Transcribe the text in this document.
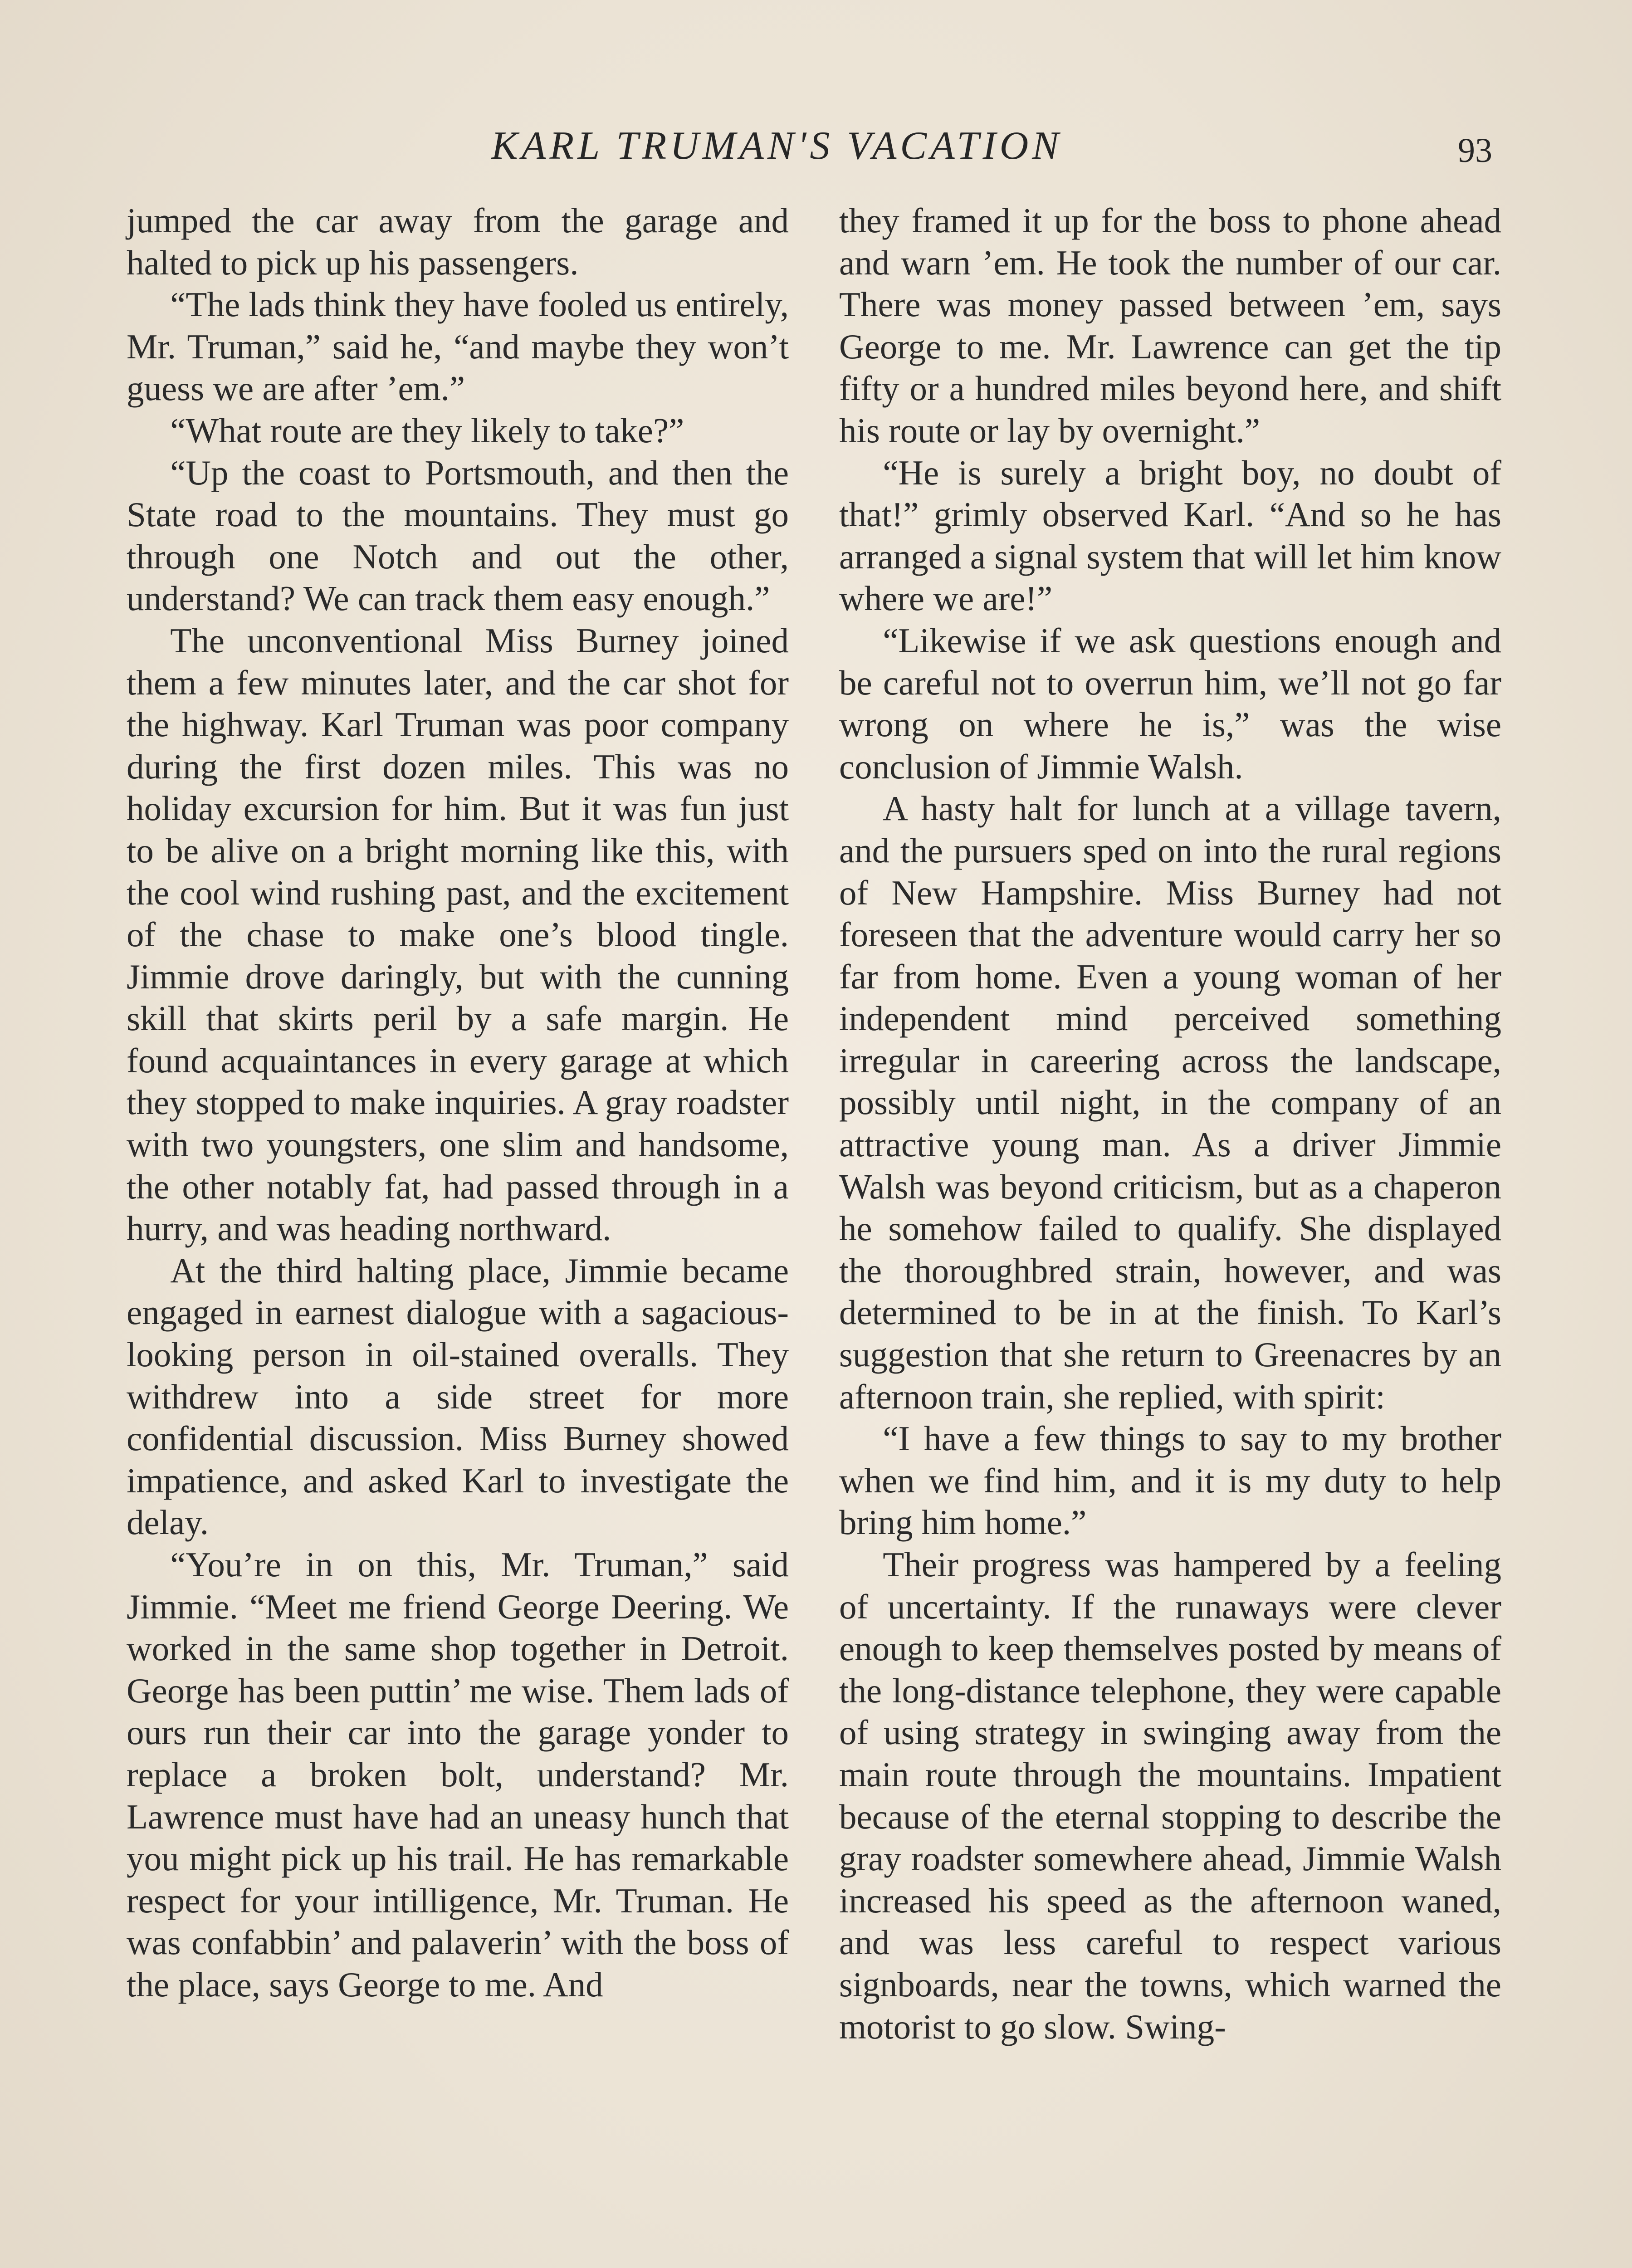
KARL TRUMAN'S VACATION	93

jumped the car away from the garage and halted to pick up his passengers.

“The lads think they have fooled us entirely, Mr. Truman,” said he, “and maybe they won’t guess we are after ’em.”

“What route are they likely to take?”

“Up the coast to Portsmouth, and then the State road to the mountains. They must go through one Notch and out the other, understand? We can track them easy enough.”

The unconventional Miss Burney joined them a few minutes later, and the car shot for the highway. Karl Truman was poor company during the first dozen miles. This was no holiday excursion for him. But it was fun just to be alive on a bright morning like this, with the cool wind rushing past, and the excitement of the chase to make one’s blood tingle. Jimmie drove daringly, but with the cunning skill that skirts peril by a safe margin. He found acquaintances in every garage at which they stopped to make inquiries. A gray roadster with two youngsters, one slim and handsome, the other notably fat, had passed through in a hurry, and was heading northward.

At the third halting place, Jimmie became engaged in earnest dialogue with a sagacious-looking person in oil-stained overalls. They withdrew into a side street for more confidential discussion. Miss Burney showed impatience, and asked Karl to investigate the delay.

“You’re in on this, Mr. Truman,” said Jimmie. “Meet me friend George Deering. We worked in the same shop together in Detroit. George has been puttin’ me wise. Them lads of ours run their car into the garage yonder to replace a broken bolt, understand? Mr. Lawrence must have had an uneasy hunch that you might pick up his trail. He has remarkable respect for your intilligence, Mr. Truman. He was confabbin’ and palaverin’ with the boss of the place, says George to me. And

they framed it up for the boss to phone ahead and warn ’em. He took the number of our car. There was money passed between ’em, says George to me. Mr. Lawrence can get the tip fifty or a hundred miles beyond here, and shift his route or lay by overnight.”

“He is surely a bright boy, no doubt of that!” grimly observed Karl. “And so he has arranged a signal system that will let him know where we are!”

“Likewise if we ask questions enough and be careful not to overrun him, we’ll not go far wrong on where he is,” was the wise conclusion of Jimmie Walsh.

A hasty halt for lunch at a village tavern, and the pursuers sped on into the rural regions of New Hampshire. Miss Burney had not foreseen that the adventure would carry her so far from home. Even a young woman of her independent mind perceived something irregular in careering across the landscape, possibly until night, in the company of an attractive young man. As a driver Jimmie Walsh was beyond criticism, but as a chaperon he somehow failed to qualify. She displayed the thoroughbred strain, however, and was determined to be in at the finish. To Karl’s suggestion that she return to Greenacres by an afternoon train, she replied, with spirit:

“I have a few things to say to my brother when we find him, and it is my duty to help bring him home.”

Their progress was hampered by a feeling of uncertainty. If the runaways were clever enough to keep themselves posted by means of the long-distance telephone, they were capable of using strategy in swinging away from the main route through the mountains. Impatient because of the eternal stopping to describe the gray roadster somewhere ahead, Jimmie Walsh increased his speed as the afternoon waned, and was less careful to respect various signboards, near the towns, which warned the motorist to go slow. Swing-
